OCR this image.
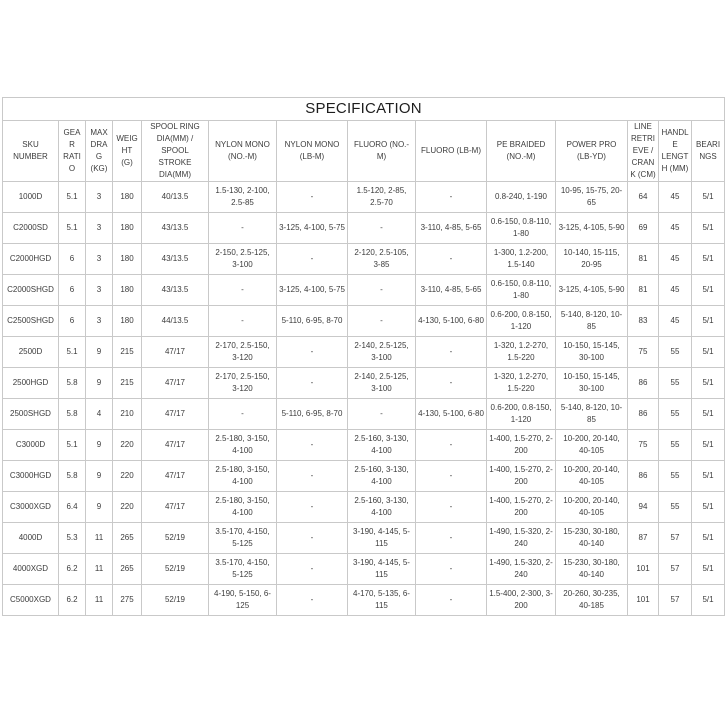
SPECIFICATION													
SKU NUMBER	GEAR RATIO	MAX DRAG (KG)	WEIGHT (G)	SPOOL RING DIA(MM) / SPOOL STROKE DIA(MM)	NYLON MONO (NO.-M)	NYLON MONO (LB-M)	FLUORO (NO.-M)	FLUORO (LB-M)	PE BRAIDED (NO.-M)	POWER PRO (LB-YD)	LINE RETRIEVE / CRANK (CM)	HANDLE LENGTH (MM)	BEARINGS
1000D	5.1	3	180	40/13.5	1.5-130, 2-100, 2.5-85	-	1.5-120, 2-85, 2.5-70	-	0.8-240, 1-190	10-95, 15-75, 20-65	64	45	5/1
C2000SD	5.1	3	180	43/13.5	-	3-125, 4-100, 5-75	-	3-110, 4-85, 5-65	0.6-150, 0.8-110, 1-80	3-125, 4-105, 5-90	69	45	5/1
C2000HGD	6	3	180	43/13.5	2-150, 2.5-125, 3-100	-	2-120, 2.5-105, 3-85	-	1-300, 1.2-200, 1.5-140	10-140, 15-115, 20-95	81	45	5/1
C2000SHGD	6	3	180	43/13.5	-	3-125, 4-100, 5-75	-	3-110, 4-85, 5-65	0.6-150, 0.8-110, 1-80	3-125, 4-105, 5-90	81	45	5/1
C2500SHGD	6	3	180	44/13.5	-	5-110, 6-95, 8-70	-	4-130, 5-100, 6-80	0.6-200, 0.8-150, 1-120	5-140, 8-120, 10-85	83	45	5/1
2500D	5.1	9	215	47/17	2-170, 2.5-150, 3-120	-	2-140, 2.5-125, 3-100	-	1-320, 1.2-270, 1.5-220	10-150, 15-145, 30-100	75	55	5/1
2500HGD	5.8	9	215	47/17	2-170, 2.5-150, 3-120	-	2-140, 2.5-125, 3-100	-	1-320, 1.2-270, 1.5-220	10-150, 15-145, 30-100	86	55	5/1
2500SHGD	5.8	4	210	47/17	-	5-110, 6-95, 8-70	-	4-130, 5-100, 6-80	0.6-200, 0.8-150, 1-120	5-140, 8-120, 10-85	86	55	5/1
C3000D	5.1	9	220	47/17	2.5-180, 3-150, 4-100	-	2.5-160, 3-130, 4-100	-	1-400, 1.5-270, 2-200	10-200, 20-140, 40-105	75	55	5/1
C3000HGD	5.8	9	220	47/17	2.5-180, 3-150, 4-100	-	2.5-160, 3-130, 4-100	-	1-400, 1.5-270, 2-200	10-200, 20-140, 40-105	86	55	5/1
C3000XGD	6.4	9	220	47/17	2.5-180, 3-150, 4-100	-	2.5-160, 3-130, 4-100	-	1-400, 1.5-270, 2-200	10-200, 20-140, 40-105	94	55	5/1
4000D	5.3	11	265	52/19	3.5-170, 4-150, 5-125	-	3-190, 4-145, 5-115	-	1-490, 1.5-320, 2-240	15-230, 30-180, 40-140	87	57	5/1
4000XGD	6.2	11	265	52/19	3.5-170, 4-150, 5-125	-	3-190, 4-145, 5-115	-	1-490, 1.5-320, 2-240	15-230, 30-180, 40-140	101	57	5/1
C5000XGD	6.2	11	275	52/19	4-190, 5-150, 6-125	-	4-170, 5-135, 6-115	-	1.5-400, 2-300, 3-200	20-260, 30-235, 40-185	101	57	5/1
